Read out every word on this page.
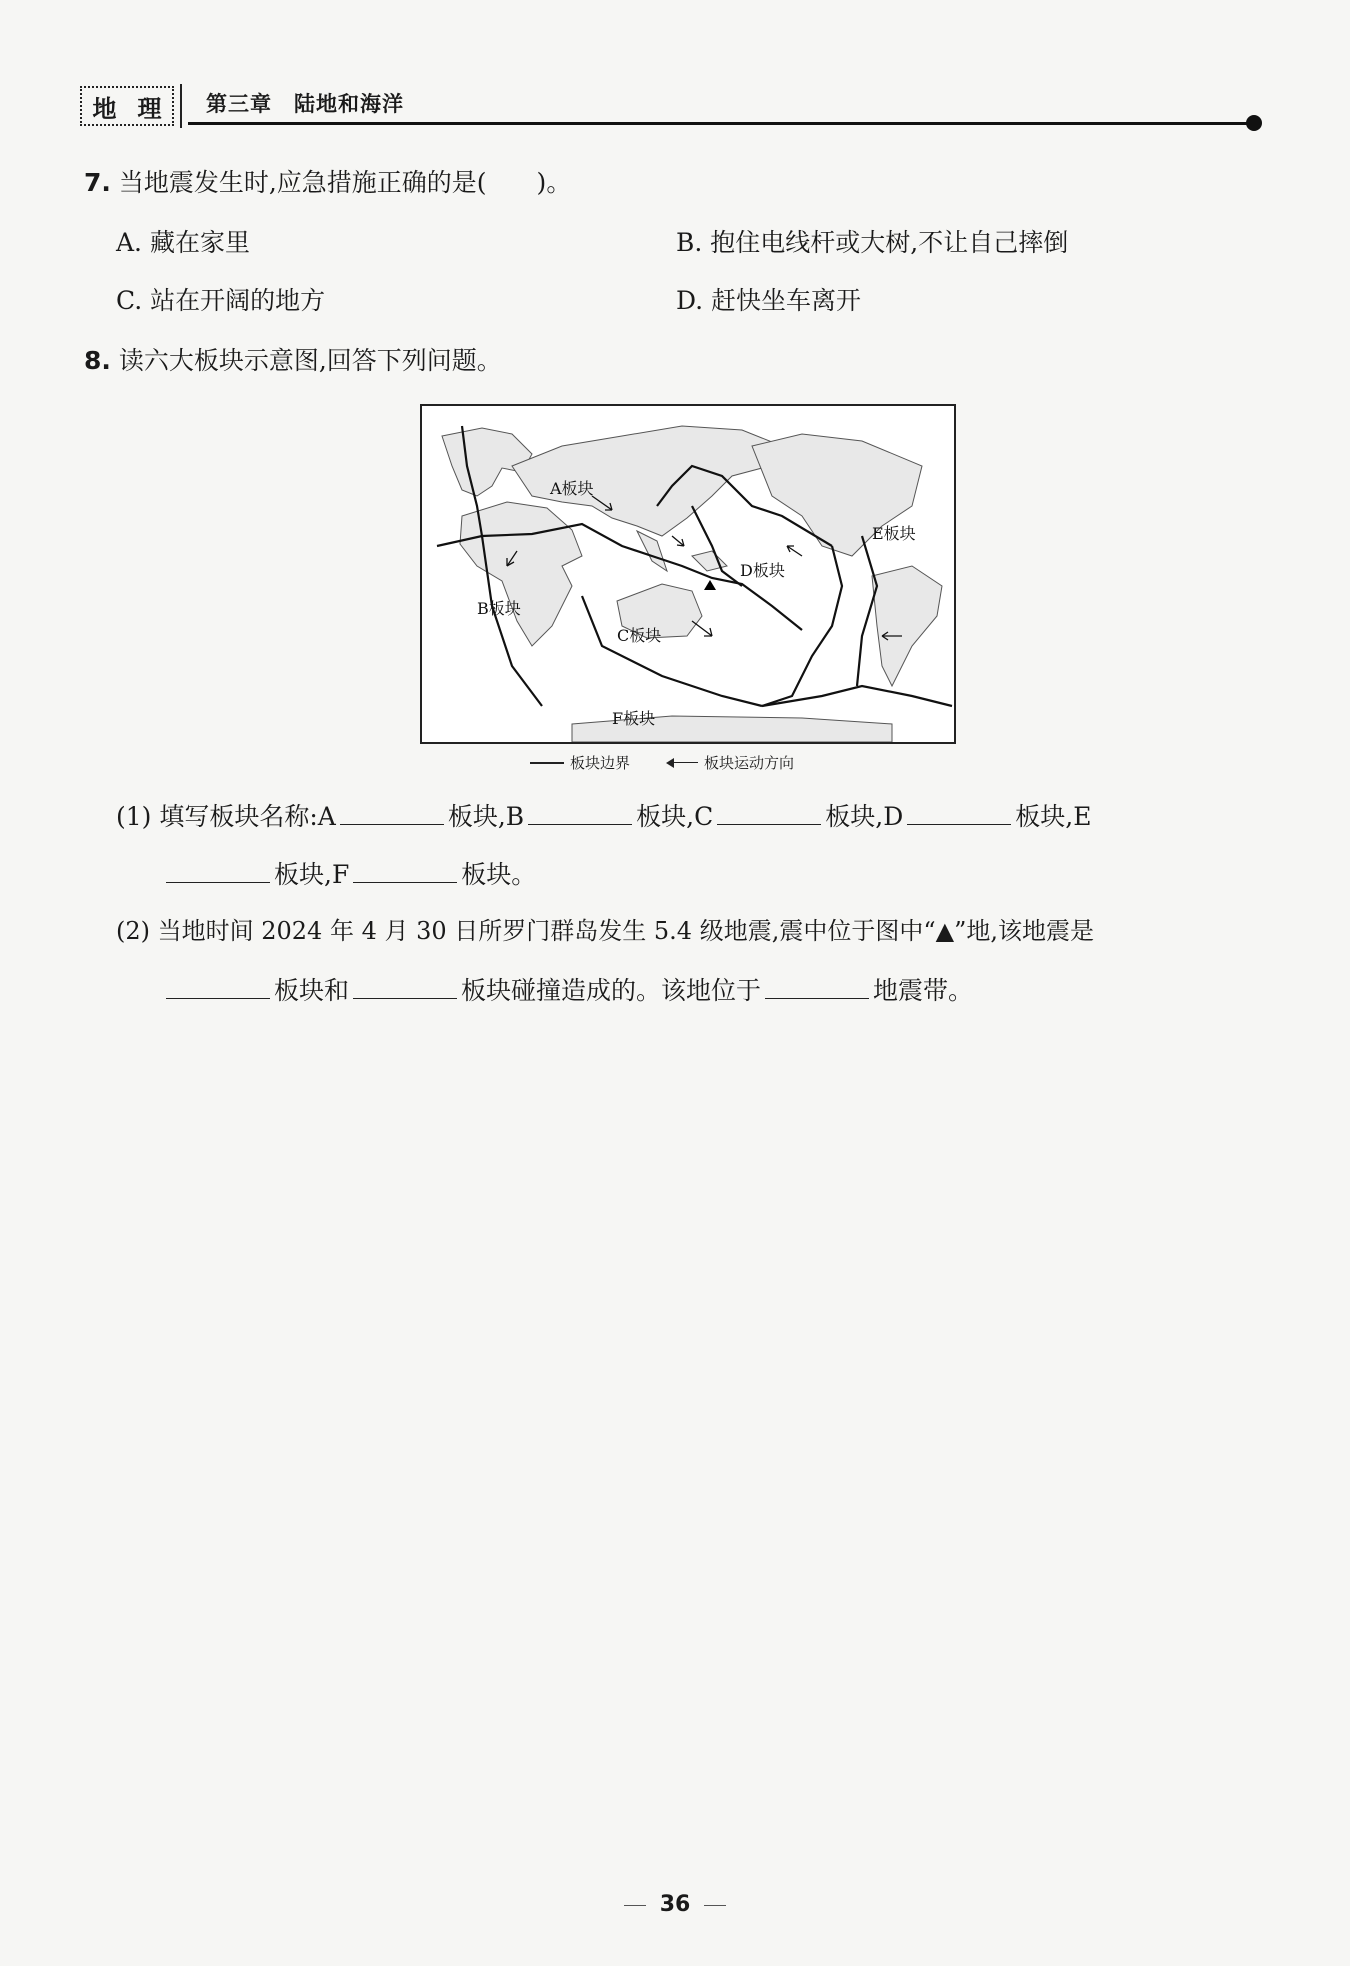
地 理 第三章 陆地和海洋
7. 当地震发生时,应急措施正确的是(　　)。
A. 藏在家里	B. 抱住电线杆或大树,不让自己摔倒
C. 站在开阔的地方	D. 赶快坐车离开
8. 读六大板块示意图,回答下列问题。
A板块
B板块
C板块
D板块
E板块
F板块
板块边界	板块运动方向
(1) 填写板块名称:A	板块,B	板块,C	板块,D	板块,E
板块,F	板块。
(2) 当地时间 2024 年 4 月 30 日所罗门群岛发生 5.4 级地震,震中位于图中“▲”地,该地震是
板块和	板块碰撞造成的。该地位于	地震带。
36
